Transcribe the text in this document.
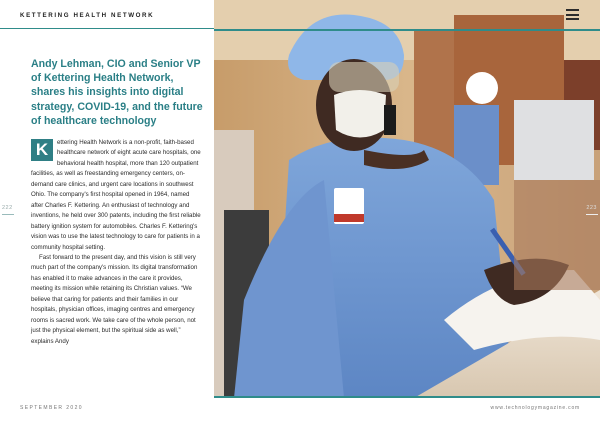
KETTERING HEALTH NETWORK
Andy Lehman, CIO and Senior VP of Kettering Health Network, shares his insights into digital strategy, COVID-19, and the future of healthcare technology
K	ettering Health Network is a non-profit, faith-based healthcare network of eight acute care hospitals, one behavioral health hospital, more than 120 outpatient facilities, as well as freestanding emergency centers, on-demand care clinics, and urgent care locations in southwest Ohio. The company's first hospital opened in 1964, named after Charles F. Kettering. An enthusiast of technology and inventions, he held over 300 patents, including the first reliable battery ignition system for automobiles. Charles F. Kettering's vision was to use the latest technology to care for patients in a community hospital setting.

Fast forward to the present day, and this vision is still very much part of the company's mission. Its digital transformation has enabled it to make advances in the care it provides, meeting its mission while retaining its Christian values. “We believe that caring for patients and their families in our hospitals, physician offices, imaging centres and emergency rooms is sacred work. We take care of the whole person, not just the physical element, but the spiritual side as well,” explains Andy

SEPTEMBER 2020
222	223
www.technologymagazine.com
